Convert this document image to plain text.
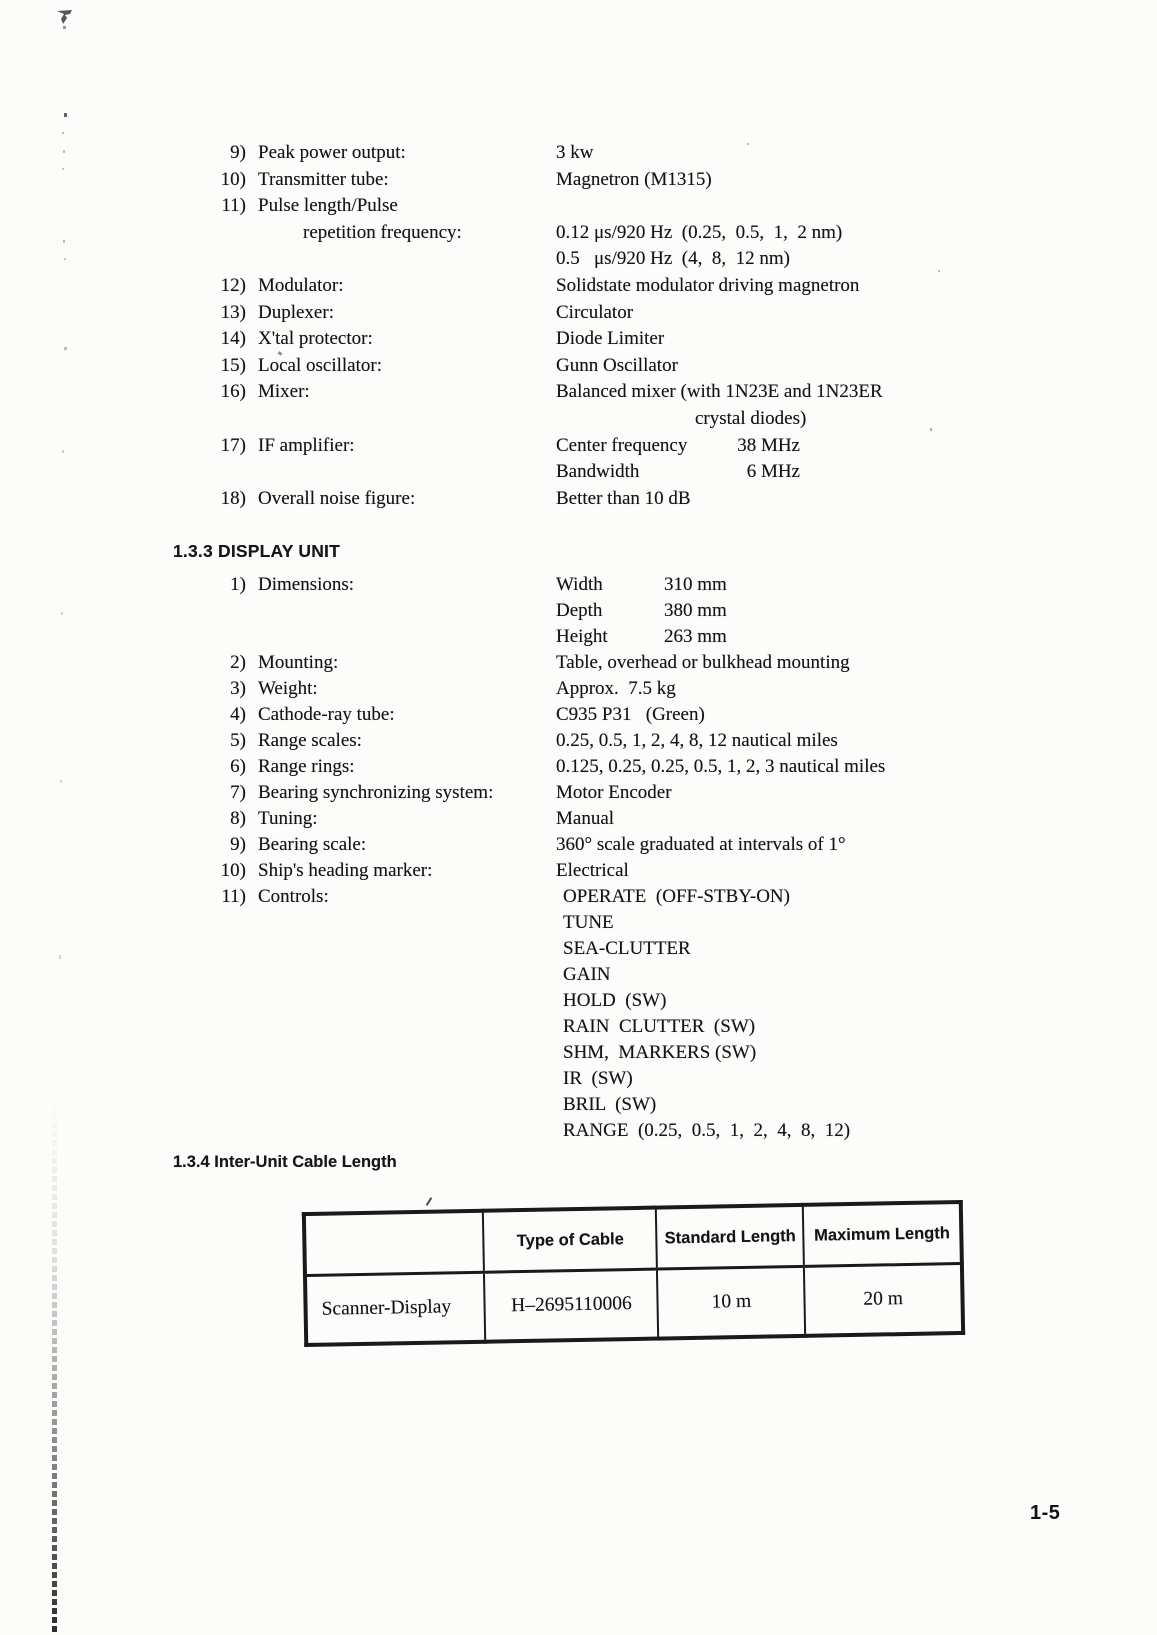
9) Peak power output:	3 kw
10) Transmitter tube:	Magnetron (M1315)
11) Pulse length/Pulse
repetition frequency:	0.12 μs/920 Hz  (0.25,  0.5,  1,  2 nm)
0.5   μs/920 Hz  (4,  8,  12 nm)
12) Modulator:	Solidstate modulator driving magnetron
13) Duplexer:	Circulator
14) X'tal protector:	Diode Limiter
15) Local oscillator:	Gunn Oscillator
16) Mixer:	Balanced mixer (with 1N23E and 1N23ER
crystal diodes)
17) IF amplifier:	Center frequency	38 MHz
Bandwidth	6 MHz
18) Overall noise figure:	Better than 10 dB
1.3.3 DISPLAY UNIT
1) Dimensions:	Width	310 mm
Depth	380 mm
Height	263 mm
2) Mounting:	Table, overhead or bulkhead mounting
3) Weight:	Approx.  7.5 kg
4) Cathode-ray tube:	C935 P31   (Green)
5) Range scales:	0.25, 0.5, 1, 2, 4, 8, 12 nautical miles
6) Range rings:	0.125, 0.25, 0.25, 0.5, 1, 2, 3 nautical miles
7) Bearing synchronizing system:	Motor Encoder
8) Tuning:	Manual
9) Bearing scale:	360° scale graduated at intervals of 1°
10) Ship's heading marker:	Electrical
11) Controls:	OPERATE  (OFF-STBY-ON)
TUNE
SEA-CLUTTER
GAIN
HOLD  (SW)
RAIN  CLUTTER  (SW)
SHM,  MARKERS (SW)
IR  (SW)
BRIL  (SW)
RANGE  (0.25,  0.5,  1,  2,  4,  8,  12)
1.3.4 Inter-Unit Cable Length
	Type of Cable	Standard Length	Maximum Length
Scanner-Display	H–2695110006	10 m	20 m
1-5
